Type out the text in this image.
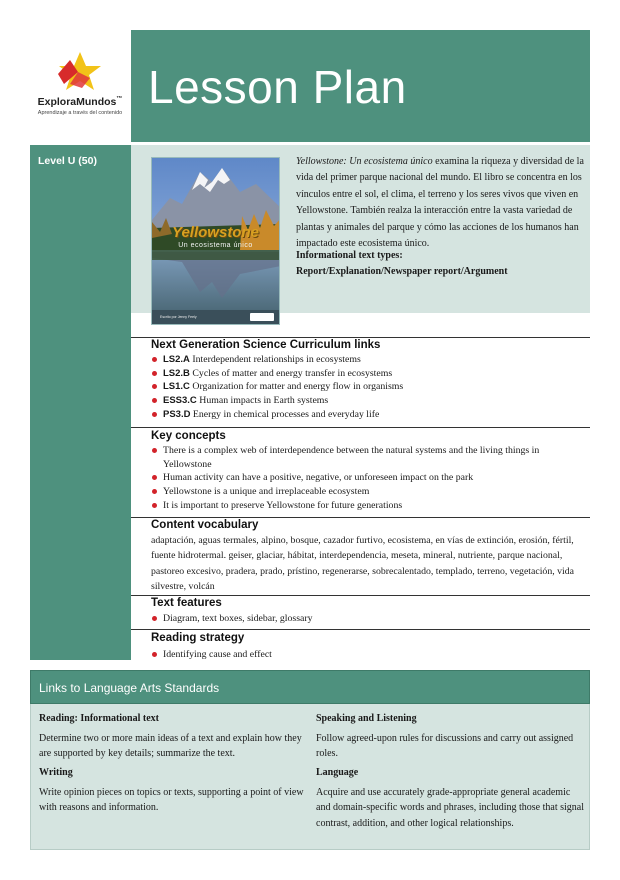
ExploraMundos™
Aprendizaje a través del contenido Lesson Plan
Level U (50)
Yellowstone
Un ecosistema único
Escrito por Jenny Feely
Yellowstone: Un ecosistema único examina la riqueza y diversidad de la vida del primer parque nacional del mundo. El libro se concentra en los vínculos entre el sol, el clima, el terreno y los seres vivos que viven en Yellowstone. También realza la interacción entre la vasta variedad de plantas y animales del parque y cómo las acciones de los humanos han impactado este ecosistema único.
Informational text types:
Report/Explanation/Newspaper report/Argument
Next Generation Science Curriculum links
LS2.A Interdependent relationships in ecosystems
LS2.B Cycles of matter and energy transfer in ecosystems
LS1.C Organization for matter and energy flow in organisms
ESS3.C Human impacts in Earth systems
PS3.D Energy in chemical processes and everyday life
Key concepts
There is a complex web of interdependence between the natural systems and the living things in Yellowstone
Human activity can have a positive, negative, or unforeseen impact on the park
Yellowstone is a unique and irreplaceable ecosystem
It is important to preserve Yellowstone for future generations
Content vocabulary
adaptación, aguas termales, alpino, bosque, cazador furtivo, ecosistema, en vías de extinción, erosión, fértil, fuente hidrotermal. geiser, glaciar, hábitat, interdependencia, meseta, mineral, nutriente, parque nacional, pastoreo excesivo, pradera, prado, prístino, regenerarse, sobrecalentado, templado, terreno, vegetación, vida silvestre, volcán
Text features
Diagram, text boxes, sidebar, glossary
Reading strategy
Identifying cause and effect
Links to Language Arts Standards
Reading: Informational text
Determine two or more main ideas of a text and explain how they are supported by key details; summarize the text.
Writing
Write opinion pieces on topics or texts, supporting a point of view with reasons and information.
Speaking and Listening
Follow agreed-upon rules for discussions and carry out assigned roles.
Language
Acquire and use accurately grade-appropriate general academic and domain-specific words and phrases, including those that signal contrast, addition, and other logical relationships.
